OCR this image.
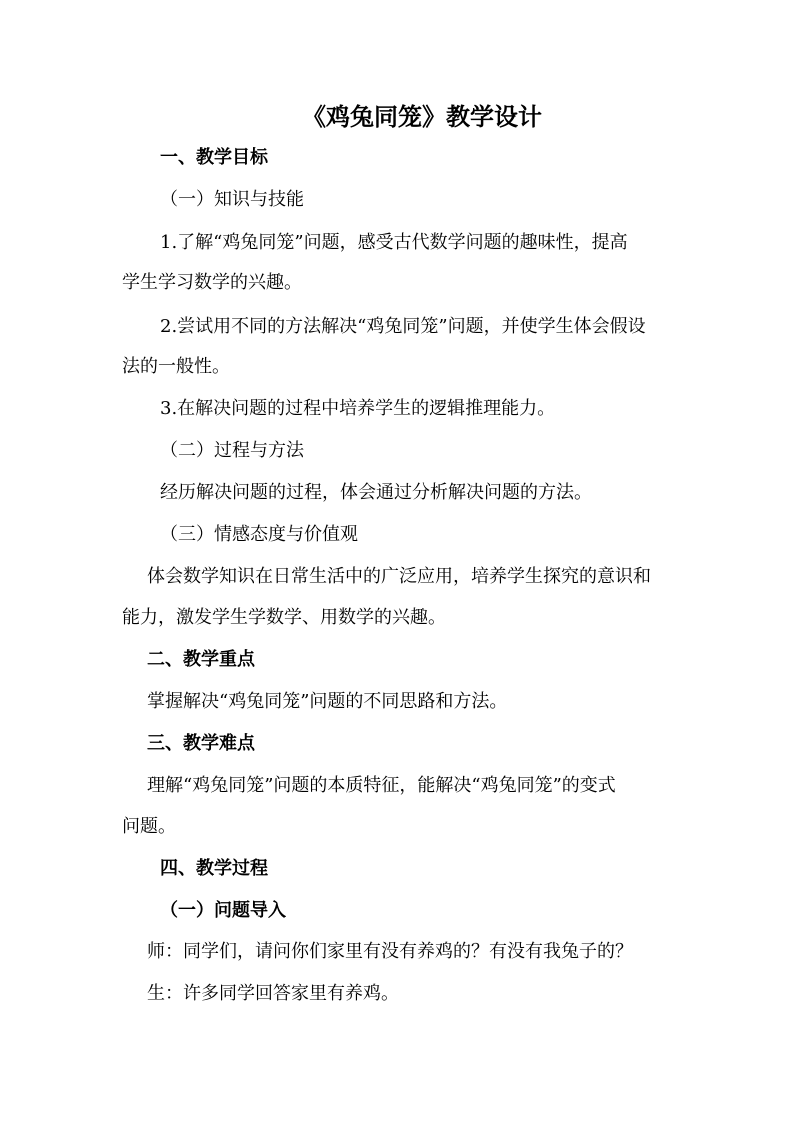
《鸡兔同笼》教学设计
一、教学目标
（一）知识与技能
1.了解“鸡兔同笼”问题，感受古代数学问题的趣味性，提高
学生学习数学的兴趣。
2.尝试用不同的方法解决“鸡兔同笼”问题，并使学生体会假设
法的一般性。
3.在解决问题的过程中培养学生的逻辑推理能力。
（二）过程与方法
经历解决问题的过程，体会通过分析解决问题的方法。
（三）情感态度与价值观
体会数学知识在日常生活中的广泛应用，培养学生探究的意识和
能力，激发学生学数学、用数学的兴趣。
二、教学重点
掌握解决“鸡兔同笼”问题的不同思路和方法。
三、教学难点
理解“鸡兔同笼”问题的本质特征，能解决“鸡兔同笼”的变式
问题。
四、教学过程
（一）问题导入
师：同学们，请问你们家里有没有养鸡的？有没有我兔子的？
生：许多同学回答家里有养鸡。
